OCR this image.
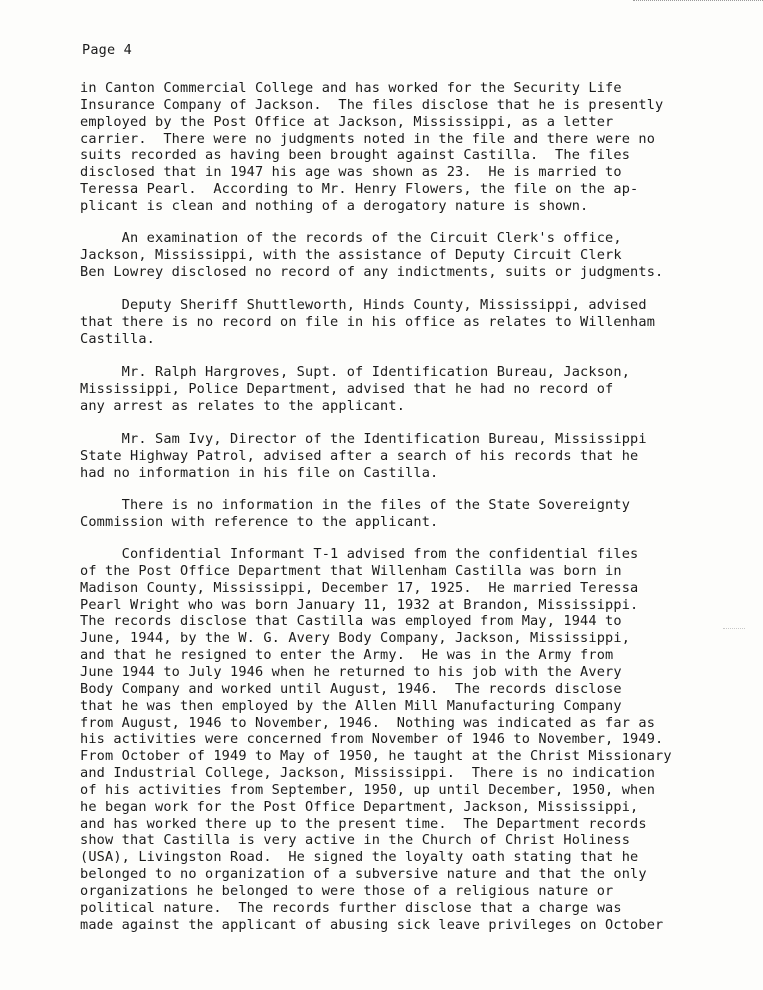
Page 4
in Canton Commercial College and has worked for the Security Life
Insurance Company of Jackson.  The files disclose that he is presently
employed by the Post Office at Jackson, Mississippi, as a letter
carrier.  There were no judgments noted in the file and there were no
suits recorded as having been brought against Castilla.  The files
disclosed that in 1947 his age was shown as 23.  He is married to
Teressa Pearl.  According to Mr. Henry Flowers, the file on the ap-
plicant is clean and nothing of a derogatory nature is shown.
An examination of the records of the Circuit Clerk's office,
Jackson, Mississippi, with the assistance of Deputy Circuit Clerk
Ben Lowrey disclosed no record of any indictments, suits or judgments.
Deputy Sheriff Shuttleworth, Hinds County, Mississippi, advised
that there is no record on file in his office as relates to Willenham
Castilla.
Mr. Ralph Hargroves, Supt. of Identification Bureau, Jackson,
Mississippi, Police Department, advised that he had no record of
any arrest as relates to the applicant.
Mr. Sam Ivy, Director of the Identification Bureau, Mississippi
State Highway Patrol, advised after a search of his records that he
had no information in his file on Castilla.
There is no information in the files of the State Sovereignty
Commission with reference to the applicant.
Confidential Informant T-1 advised from the confidential files
of the Post Office Department that Willenham Castilla was born in
Madison County, Mississippi, December 17, 1925.  He married Teressa
Pearl Wright who was born January 11, 1932 at Brandon, Mississippi.
The records disclose that Castilla was employed from May, 1944 to
June, 1944, by the W. G. Avery Body Company, Jackson, Mississippi,
and that he resigned to enter the Army.  He was in the Army from
June 1944 to July 1946 when he returned to his job with the Avery
Body Company and worked until August, 1946.  The records disclose
that he was then employed by the Allen Mill Manufacturing Company
from August, 1946 to November, 1946.  Nothing was indicated as far as
his activities were concerned from November of 1946 to November, 1949.
From October of 1949 to May of 1950, he taught at the Christ Missionary
and Industrial College, Jackson, Mississippi.  There is no indication
of his activities from September, 1950, up until December, 1950, when
he began work for the Post Office Department, Jackson, Mississippi,
and has worked there up to the present time.  The Department records
show that Castilla is very active in the Church of Christ Holiness
(USA), Livingston Road.  He signed the loyalty oath stating that he
belonged to no organization of a subversive nature and that the only
organizations he belonged to were those of a religious nature or
political nature.  The records further disclose that a charge was
made against the applicant of abusing sick leave privileges on October
